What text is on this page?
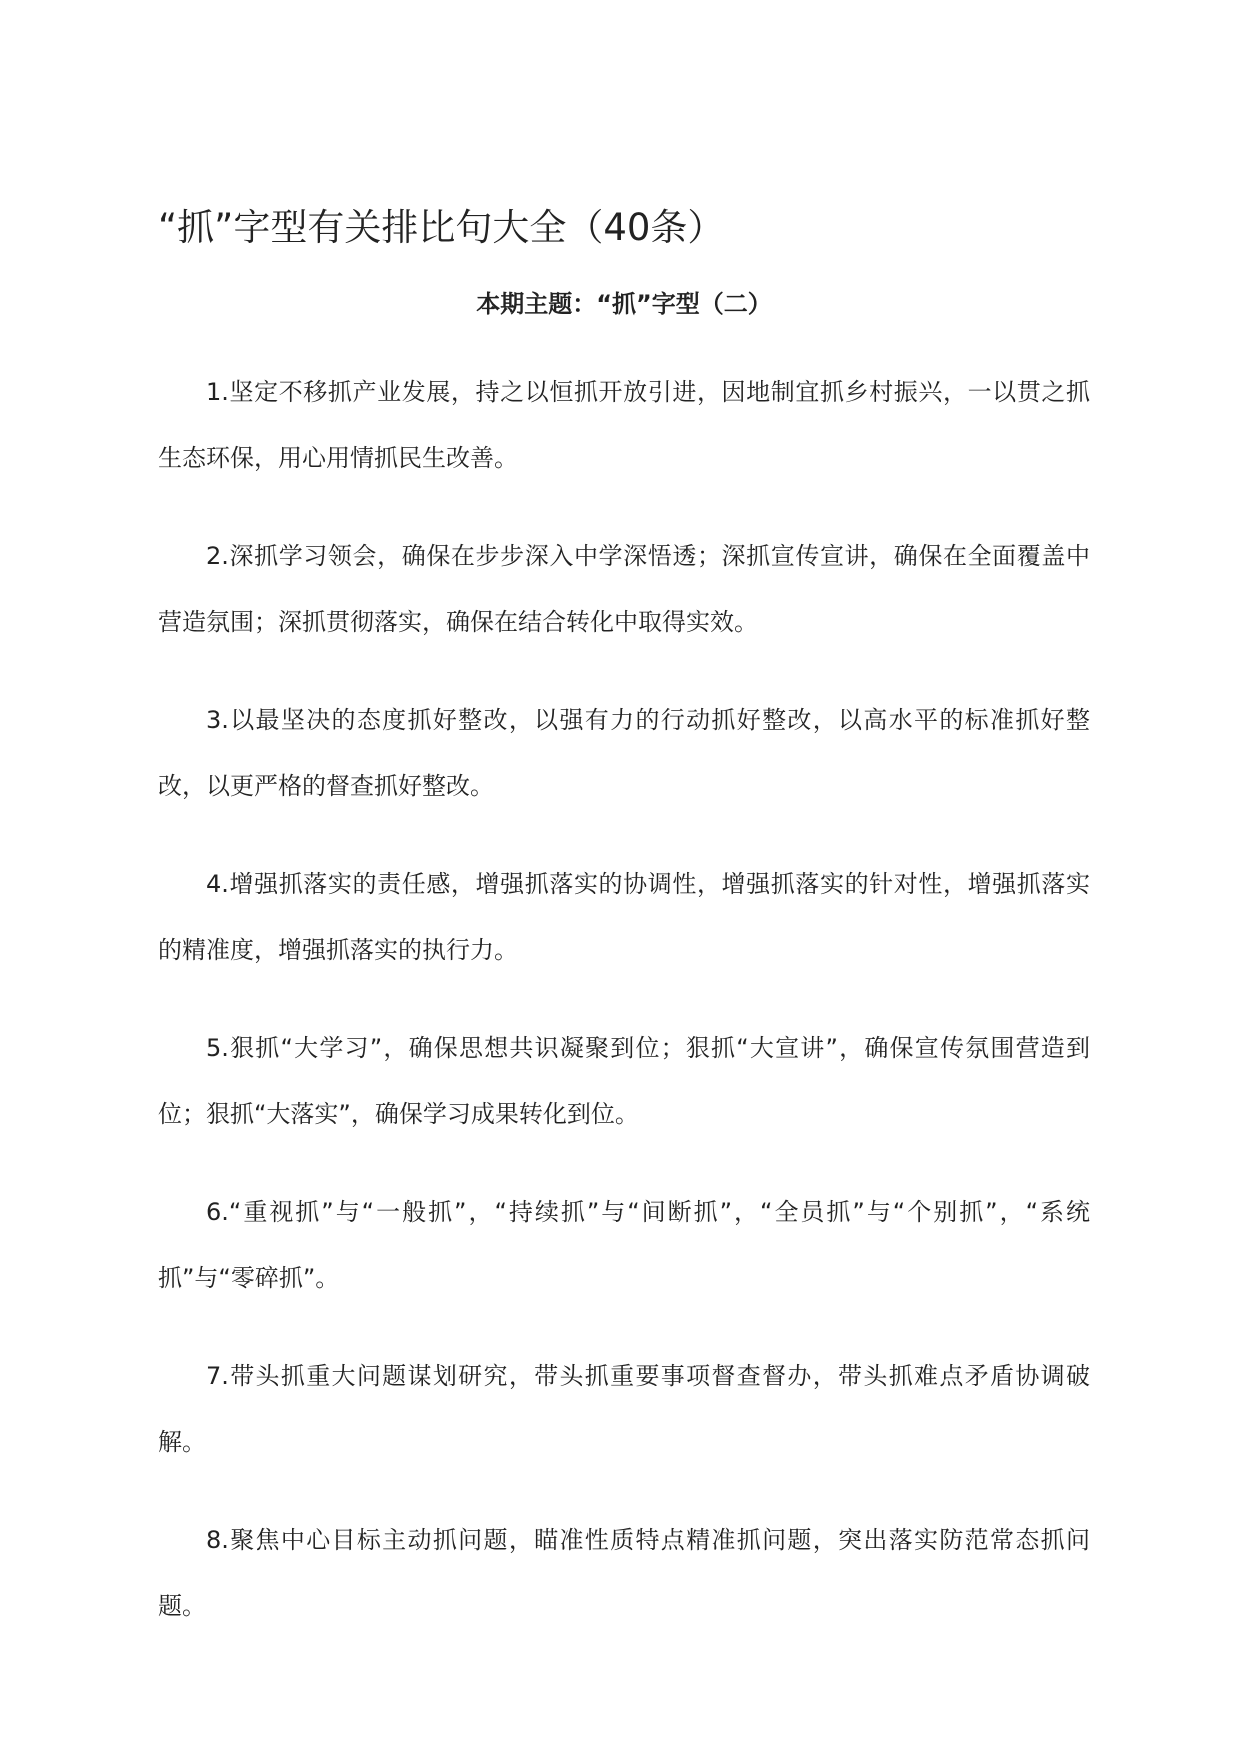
“抓”字型有关排比句大全（40条）

本期主题：“抓”字型（二）

1.坚定不移抓产业发展，持之以恒抓开放引进，因地制宜抓乡村振兴，一以贯之抓生态环保，用心用情抓民生改善。

2.深抓学习领会，确保在步步深入中学深悟透；深抓宣传宣讲，确保在全面覆盖中营造氛围；深抓贯彻落实，确保在结合转化中取得实效。

3.以最坚决的态度抓好整改，以强有力的行动抓好整改，以高水平的标准抓好整改，以更严格的督查抓好整改。

4.增强抓落实的责任感，增强抓落实的协调性，增强抓落实的针对性，增强抓落实的精准度，增强抓落实的执行力。

5.狠抓“大学习”，确保思想共识凝聚到位；狠抓“大宣讲”，确保宣传氛围营造到位；狠抓“大落实”，确保学习成果转化到位。

6.“重视抓”与“一般抓”，“持续抓”与“间断抓”，“全员抓”与“个别抓”，“系统抓”与“零碎抓”。

7.带头抓重大问题谋划研究，带头抓重要事项督查督办，带头抓难点矛盾协调破解。

8.聚焦中心目标主动抓问题，瞄准性质特点精准抓问题，突出落实防范常态抓问题。
